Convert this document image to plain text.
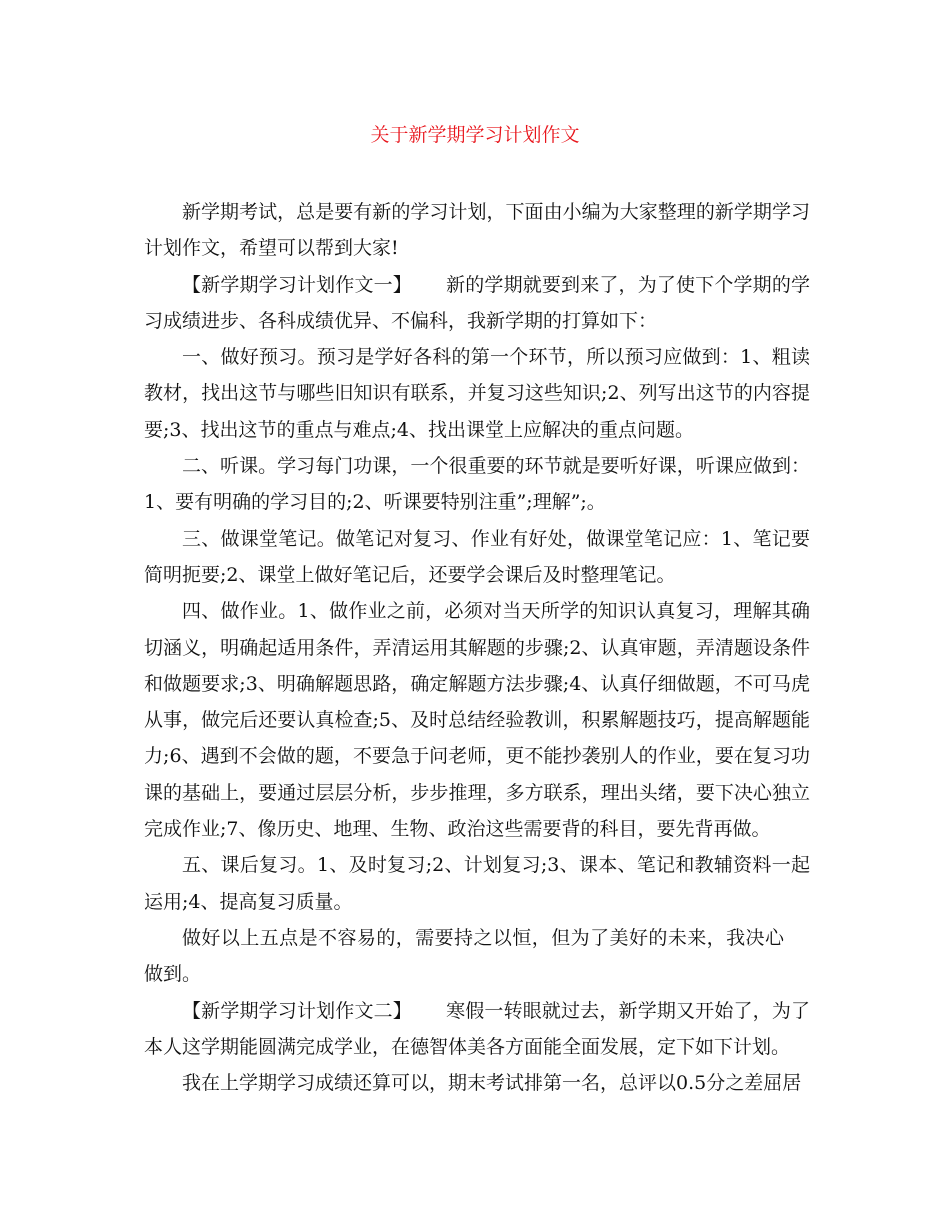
关于新学期学习计划作文

新学期考试，总是要有新的学习计划，下面由小编为大家整理的新学期学习计划作文，希望可以帮到大家!

【新学期学习计划作文一】 新的学期就要到来了，为了使下个学期的学习成绩进步、各科成绩优异、不偏科，我新学期的打算如下：

一、做好预习。预习是学好各科的第一个环节，所以预习应做到：1、粗读教材，找出这节与哪些旧知识有联系，并复习这些知识;2、列写出这节的内容提要;3、找出这节的重点与难点;4、找出课堂上应解决的重点问题。

二、听课。学习每门功课，一个很重要的环节就是要听好课，听课应做到：1、要有明确的学习目的;2、听课要特别注重”;理解”;。

三、做课堂笔记。做笔记对复习、作业有好处，做课堂笔记应：1、笔记要简明扼要;2、课堂上做好笔记后，还要学会课后及时整理笔记。

四、做作业。1、做作业之前，必须对当天所学的知识认真复习，理解其确切涵义，明确起适用条件，弄清运用其解题的步骤;2、认真审题，弄清题设条件和做题要求;3、明确解题思路，确定解题方法步骤;4、认真仔细做题，不可马虎从事，做完后还要认真检查;5、及时总结经验教训，积累解题技巧，提高解题能力;6、遇到不会做的题，不要急于问老师，更不能抄袭别人的作业，要在复习功课的基础上，要通过层层分析，步步推理，多方联系，理出头绪，要下决心独立完成作业;7、像历史、地理、生物、政治这些需要背的科目，要先背再做。

五、课后复习。1、及时复习;2、计划复习;3、课本、笔记和教辅资料一起运用;4、提高复习质量。

做好以上五点是不容易的，需要持之以恒，但为了美好的未来，我决心做到。

【新学期学习计划作文二】 寒假一转眼就过去，新学期又开始了，为了本人这学期能圆满完成学业，在德智体美各方面能全面发展，定下如下计划。

我在上学期学习成绩还算可以，期末考试排第一名，总评以0.5分之差屈居
